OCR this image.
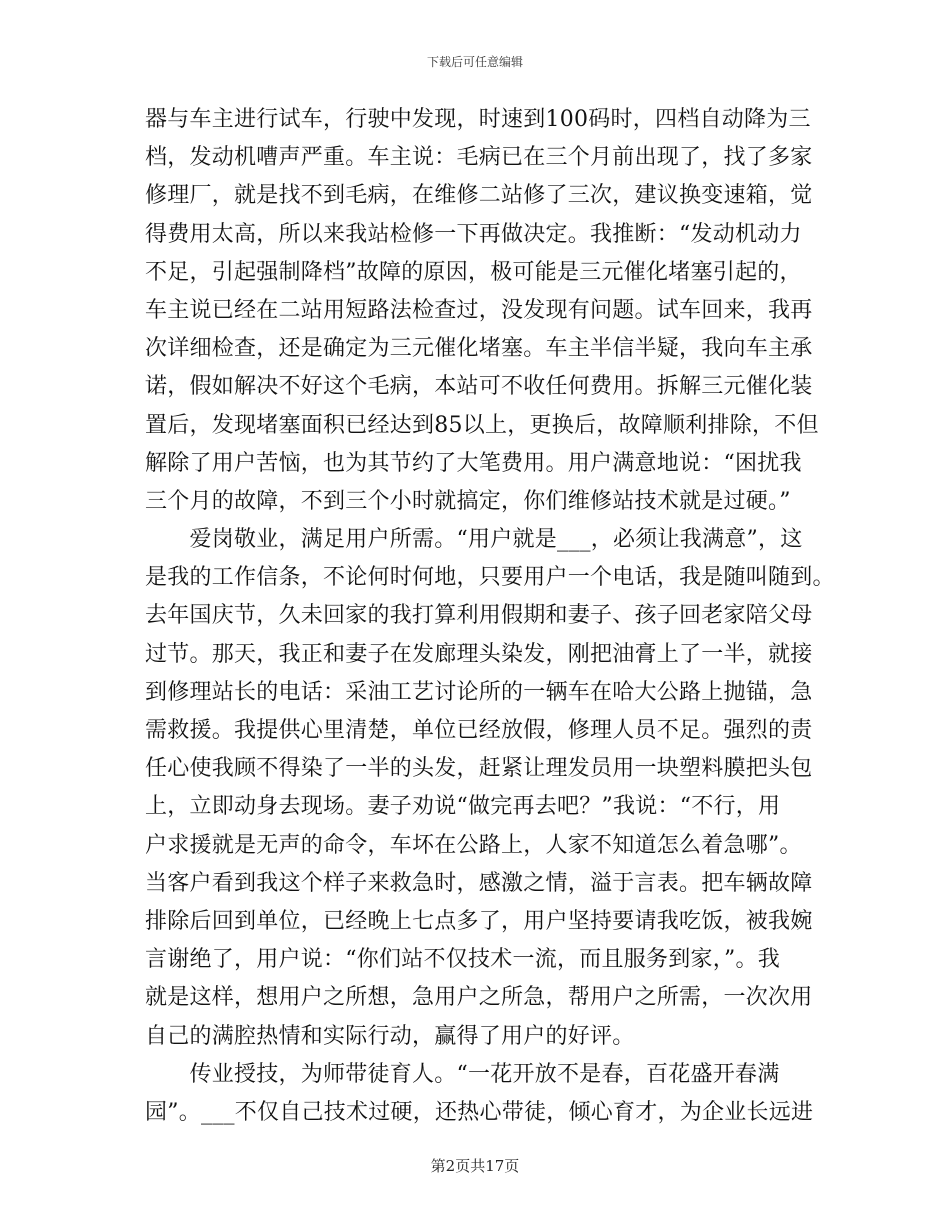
下载后可任意编辑
器与车主进行试车，行驶中发现，时速到100码时，四档自动降为三
档，发动机嘈声严重。车主说：毛病已在三个月前出现了，找了多家
修理厂，就是找不到毛病，在维修二站修了三次，建议换变速箱，觉
得费用太高，所以来我站检修一下再做决定。我推断：“发动机动力
不足，引起强制降档”故障的原因，极可能是三元催化堵塞引起的，
车主说已经在二站用短路法检查过，没发现有问题。试车回来，我再
次详细检查，还是确定为三元催化堵塞。车主半信半疑，我向车主承
诺，假如解决不好这个毛病，本站可不收任何费用。拆解三元催化装
置后，发现堵塞面积已经达到85以上，更换后，故障顺利排除，不但
解除了用户苦恼，也为其节约了大笔费用。用户满意地说：“困扰我
三个月的故障，不到三个小时就搞定，你们维修站技术就是过硬。”
　　爱岗敬业，满足用户所需。“用户就是___，必须让我满意”，这
是我的工作信条，不论何时何地，只要用户一个电话，我是随叫随到。
去年国庆节，久未回家的我打算利用假期和妻子、孩子回老家陪父母
过节。那天，我正和妻子在发廊理头染发，刚把油膏上了一半，就接
到修理站长的电话：采油工艺讨论所的一辆车在哈大公路上抛锚，急
需救援。我提供心里清楚，单位已经放假，修理人员不足。强烈的责
任心使我顾不得染了一半的头发，赶紧让理发员用一块塑料膜把头包
上，立即动身去现场。妻子劝说“做完再去吧？”我说：“不行，用
户求援就是无声的命令，车坏在公路上，人家不知道怎么着急哪”。
当客户看到我这个样子来救急时，感激之情，溢于言表。把车辆故障
排除后回到单位，已经晚上七点多了，用户坚持要请我吃饭，被我婉
言谢绝了，用户说：“你们站不仅技术一流，而且服务到家，”。我
就是这样，想用户之所想，急用户之所急，帮用户之所需，一次次用
自己的满腔热情和实际行动，赢得了用户的好评。
　　传业授技，为师带徒育人。“一花开放不是春，百花盛开春满
园”。___不仅自己技术过硬，还热心带徒，倾心育才，为企业长远进
第2页共17页
